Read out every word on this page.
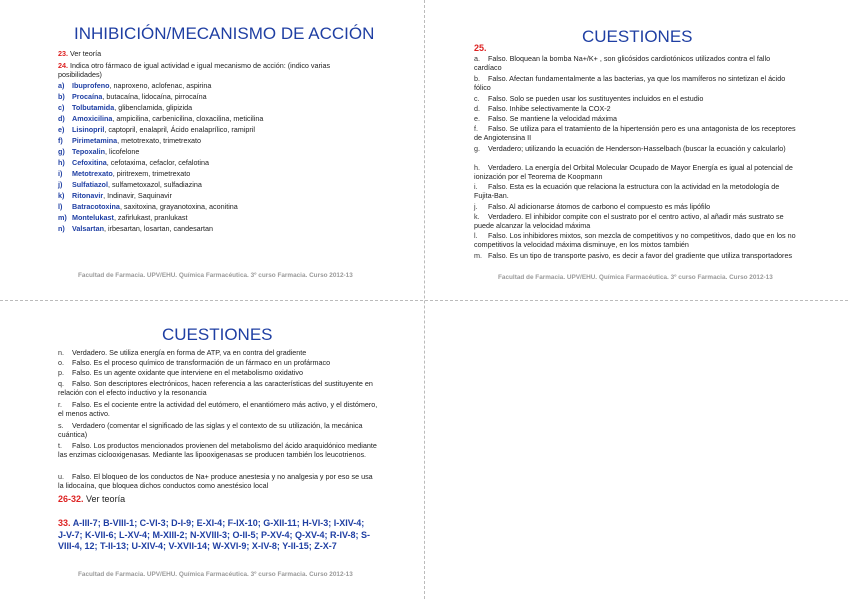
INHIBICIÓN/MECANISMO DE ACCIÓN
23. Ver teoría
24. Indica otro fármaco de igual actividad e igual mecanismo de acción: (indico varias posibilidades)
a) Ibuprofeno, naproxeno, aclofenac, aspirina
b) Procaína, butacaína, lidocaína, pirrocaína
c) Tolbutamida, glibenclamida, glipizida
d) Amoxicilina, ampicilina, carbenicilina, cloxacilina, meticilina
e) Lisinopril, captopril, enalapril, Ácido enalaprílico, ramipril
f) Pirimetamina, metotrexato, trimetrexato
g) Tepoxalin, licofelone
h) Cefoxitina, cefotaxima, cefaclor, cefalotina
i) Metotrexato, piritrexem, trimetrexato
j) Sulfatiazol, sulfametoxazol, sulfadiazina
k) Ritonavir, Indinavir, Saquinavir
l) Batracotoxina, saxitoxina, grayanotoxina, aconitina
m) Montelukast, zafirlukast, pranlukast
n) Valsartan, irbesartan, losartan, candesartan
Facultad de Farmacia. UPV/EHU. Química Farmacéutica. 3º curso Farmacia. Curso 2012-13
CUESTIONES
25.
a. Falso. Bloquean la bomba Na+/K+ , son glicósidos cardiotónicos utilizados contra el fallo cardíaco
b. Falso. Afectan fundamentalmente a las bacterias, ya que los mamíferos no sintetizan el ácido fólico
c. Falso. Solo se pueden usar los sustituyentes incluidos en el estudio
d. Falso. Inhibe selectivamente la COX-2
e. Falso. Se mantiene la velocidad máxima
f. Falso. Se utiliza para el tratamiento de la hipertensión pero es una antagonista de los receptores de Angiotensina II
g. Verdadero; utilizando la ecuación de Henderson-Hasselbach (buscar la ecuación y calcularlo)
h. Verdadero. La energía del Orbital Molecular Ocupado de Mayor Energía es igual al potencial de ionización por el Teorema de Koopmann
i. Falso. Esta es la ecuación que relaciona la estructura con la actividad en la metodología de Fujita-Ban.
j. Falso. Al adicionarse átomos de carbono el compuesto es más lipófilo
k. Verdadero. El inhibidor compite con el sustrato por el centro activo, al añadir más sustrato se puede alcanzar la velocidad máxima
l. Falso. Los inhibidores mixtos, son mezcla de competitivos y no competitivos, dado que en los no competitivos la velocidad máxima disminuye, en los mixtos también
m. Falso. Es un tipo de transporte pasivo, es decir a favor del gradiente que utiliza transportadores
Facultad de Farmacia. UPV/EHU. Química Farmacéutica. 3º curso Farmacia. Curso 2012-13
CUESTIONES
n. Verdadero. Se utiliza energía en forma de ATP, va en contra del gradiente
o. Falso. Es el proceso químico de transformación de un fármaco en un profármaco
p. Falso. Es un agente oxidante que interviene en el metabolismo oxidativo
q. Falso. Son descriptores electrónicos, hacen referencia a las características del sustituyente en relación con el efecto inductivo y la resonancia
r. Falso. Es el cociente entre la actividad del eutómero, el enantiómero más activo, y el distómero, el menos activo.
s. Verdadero (comentar el significado de las siglas y el contexto de su utilización, la mecánica cuántica)
t. Falso. Los productos mencionados provienen del metabolismo del ácido araquidónico mediante las enzimas ciclooxigenasas. Mediante las lipooxigenasas se producen también los leucotrienos.
u. Falso. El bloqueo de los conductos de Na+ produce anestesia y no analgesia y por eso se usa la lidocaína, que bloquea dichos conductos como anestésico local
26-32. Ver teoría
33. A-III-7; B-VIII-1; C-VI-3; D-I-9; E-XI-4; F-IX-10; G-XII-11; H-VI-3; I-XIV-4; J-V-7; K-VII-6; L-XV-4; M-XIII-2; N-XVIII-3; O-II-5; P-XV-4; Q-XV-4; R-IV-8; S-VIII-4, 12; T-II-13; U-XIV-4; V-XVII-14; W-XVI-9; X-IV-8; Y-II-15; Z-X-7
Facultad de Farmacia. UPV/EHU. Química Farmacéutica. 3º curso Farmacia. Curso 2012-13
